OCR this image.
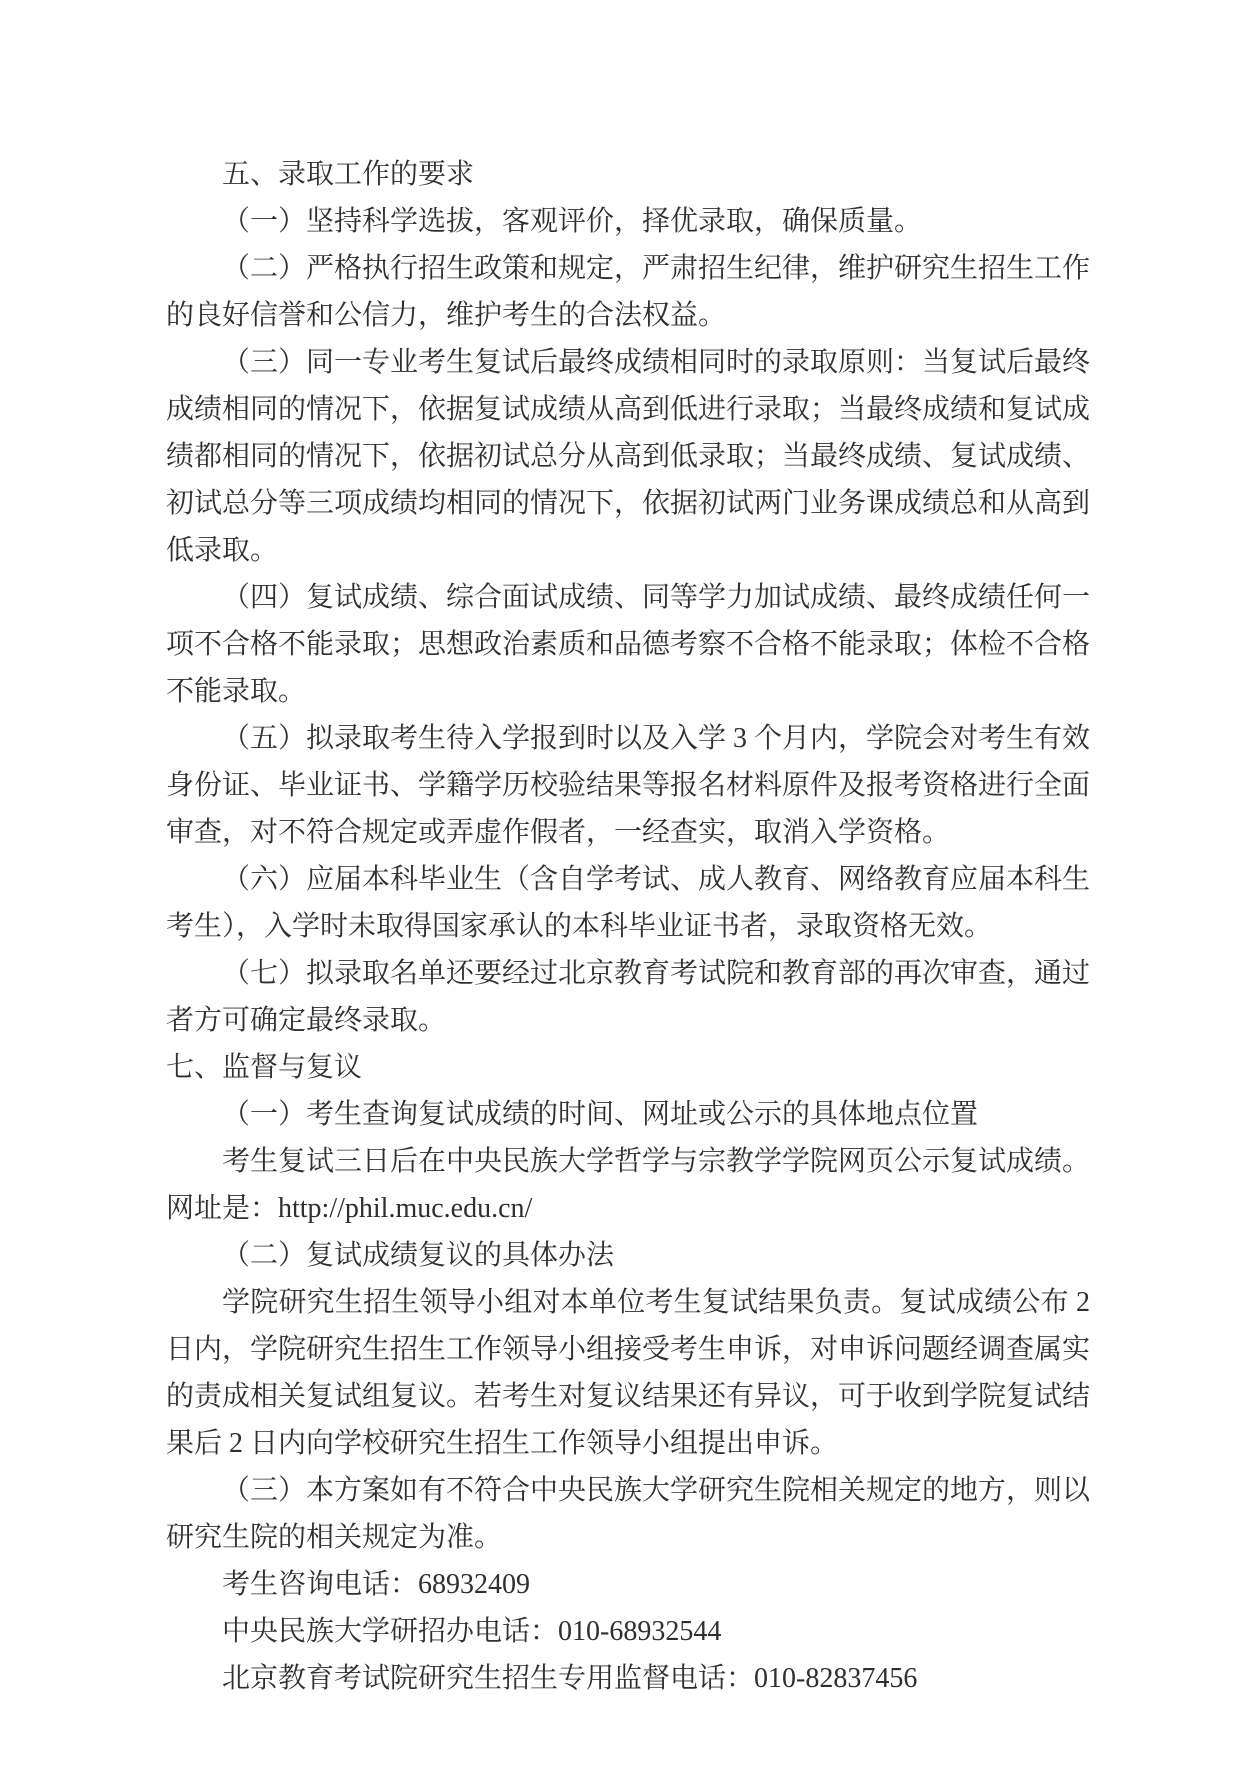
五、录取工作的要求

（一）坚持科学选拔，客观评价，择优录取，确保质量。

（二）严格执行招生政策和规定，严肃招生纪律，维护研究生招生工作的良好信誉和公信力，维护考生的合法权益。

（三）同一专业考生复试后最终成绩相同时的录取原则：当复试后最终成绩相同的情况下，依据复试成绩从高到低进行录取；当最终成绩和复试成绩都相同的情况下，依据初试总分从高到低录取；当最终成绩、复试成绩、初试总分等三项成绩均相同的情况下，依据初试两门业务课成绩总和从高到低录取。

（四）复试成绩、综合面试成绩、同等学力加试成绩、最终成绩任何一项不合格不能录取；思想政治素质和品德考察不合格不能录取；体检不合格不能录取。

（五）拟录取考生待入学报到时以及入学 3 个月内，学院会对考生有效身份证、毕业证书、学籍学历校验结果等报名材料原件及报考资格进行全面审查，对不符合规定或弄虚作假者，一经查实，取消入学资格。

（六）应届本科毕业生（含自学考试、成人教育、网络教育应届本科生考生），入学时未取得国家承认的本科毕业证书者，录取资格无效。

（七）拟录取名单还要经过北京教育考试院和教育部的再次审查，通过者方可确定最终录取。

七、监督与复议

（一）考生查询复试成绩的时间、网址或公示的具体地点位置

考生复试三日后在中央民族大学哲学与宗教学学院网页公示复试成绩。网址是：http://phil.muc.edu.cn/

（二）复试成绩复议的具体办法

学院研究生招生领导小组对本单位考生复试结果负责。复试成绩公布 2 日内，学院研究生招生工作领导小组接受考生申诉，对申诉问题经调查属实的责成相关复试组复议。若考生对复议结果还有异议，可于收到学院复试结果后 2 日内向学校研究生招生工作领导小组提出申诉。

（三）本方案如有不符合中央民族大学研究生院相关规定的地方，则以研究生院的相关规定为准。

考生咨询电话：68932409

中央民族大学研招办电话：010-68932544

北京教育考试院研究生招生专用监督电话：010-82837456
